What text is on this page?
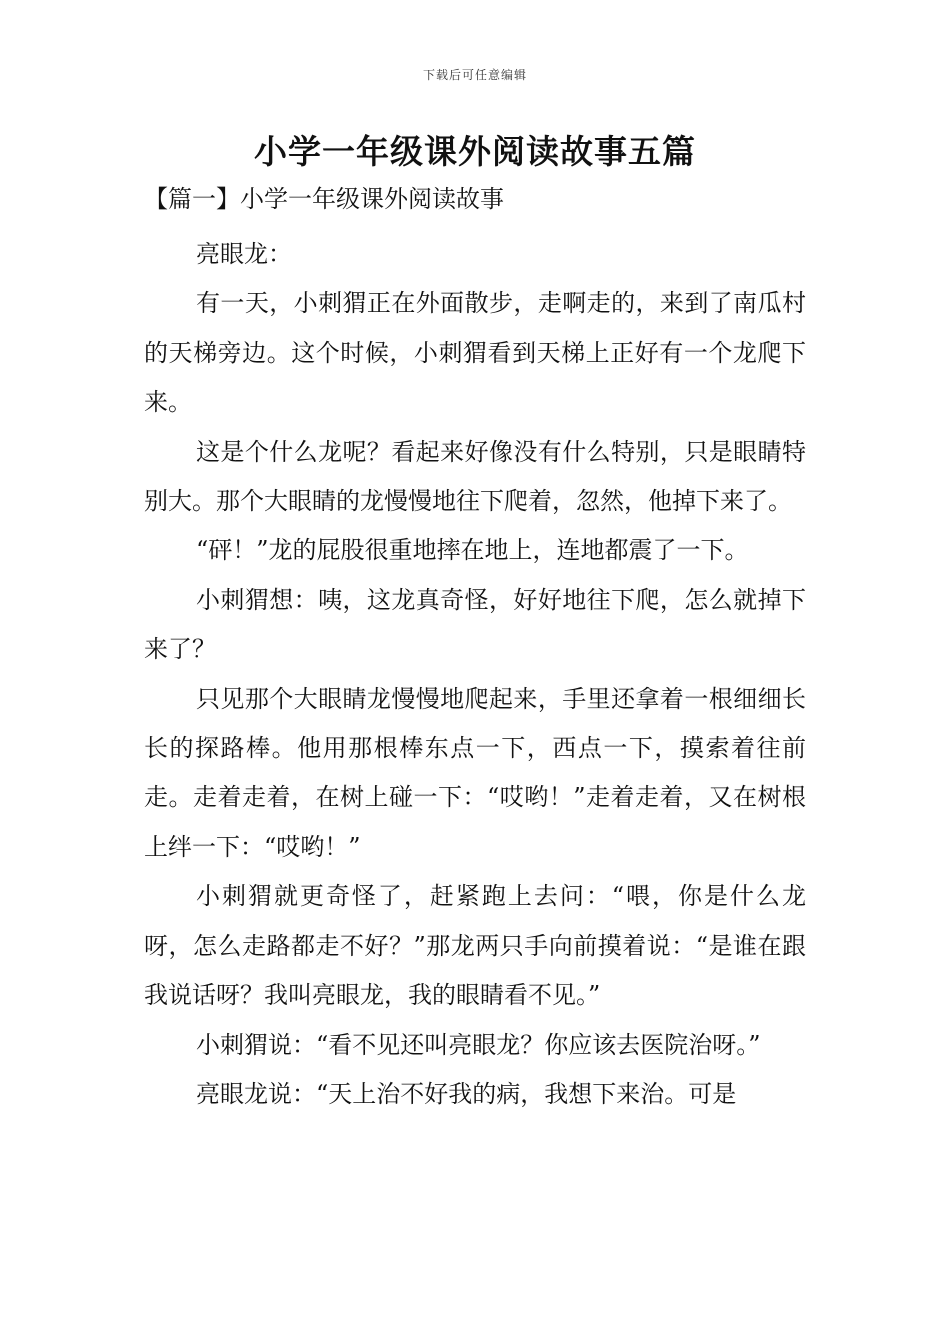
下载后可任意编辑
小学一年级课外阅读故事五篇
【篇一】小学一年级课外阅读故事

亮眼龙：

有一天，小刺猬正在外面散步，走啊走的，来到了南瓜村的天梯旁边。这个时候，小刺猬看到天梯上正好有一个龙爬下来。

这是个什么龙呢？看起来好像没有什么特别，只是眼睛特别大。那个大眼睛的龙慢慢地往下爬着，忽然，他掉下来了。

“砰！”龙的屁股很重地摔在地上，连地都震了一下。

小刺猬想：咦，这龙真奇怪，好好地往下爬，怎么就掉下来了？

只见那个大眼睛龙慢慢地爬起来，手里还拿着一根细细长长的探路棒。他用那根棒东点一下，西点一下，摸索着往前走。走着走着，在树上碰一下：“哎哟！”走着走着，又在树根上绊一下：“哎哟！”

小刺猬就更奇怪了，赶紧跑上去问：“喂，你是什么龙呀，怎么走路都走不好？”那龙两只手向前摸着说：“是谁在跟我说话呀？我叫亮眼龙，我的眼睛看不见。”

小刺猬说：“看不见还叫亮眼龙？你应该去医院治呀。”

亮眼龙说：“天上治不好我的病，我想下来治。可是
